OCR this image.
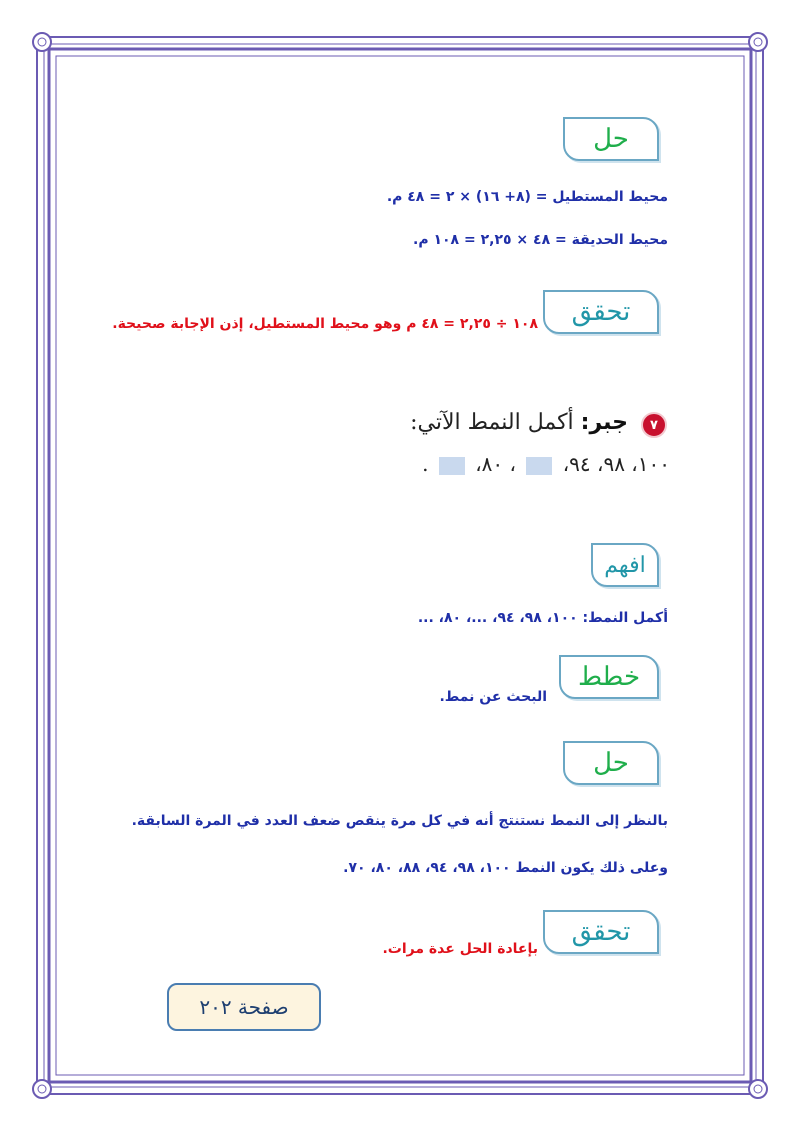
حل
محيط المستطيل = (٨+ ١٦) × ٢ = ٤٨ م.
محيط الحديقة = ٤٨ × ٢,٢٥ = ١٠٨ م.
تحقق
١٠٨ ÷ ٢,٢٥ = ٤٨ م وهو محيط المستطيل، إذن الإجابة صحيحة.
٧
جبر: أكمل النمط الآتي:
١٠٠، ٩٨، ٩٤،  ، ٨٠،  .
افهم
أكمل النمط: ١٠٠، ٩٨، ٩٤، ...، ٨٠، ...
خطط
البحث عن نمط.
حل
بالنظر إلى النمط نستنتج أنه في كل مرة ينقص ضعف العدد في المرة السابقة.
وعلى ذلك يكون النمط ١٠٠، ٩٨، ٩٤، ٨٨، ٨٠، ٧٠.
تحقق
بإعادة الحل عدة مرات.
صفحة ٢٠٢
